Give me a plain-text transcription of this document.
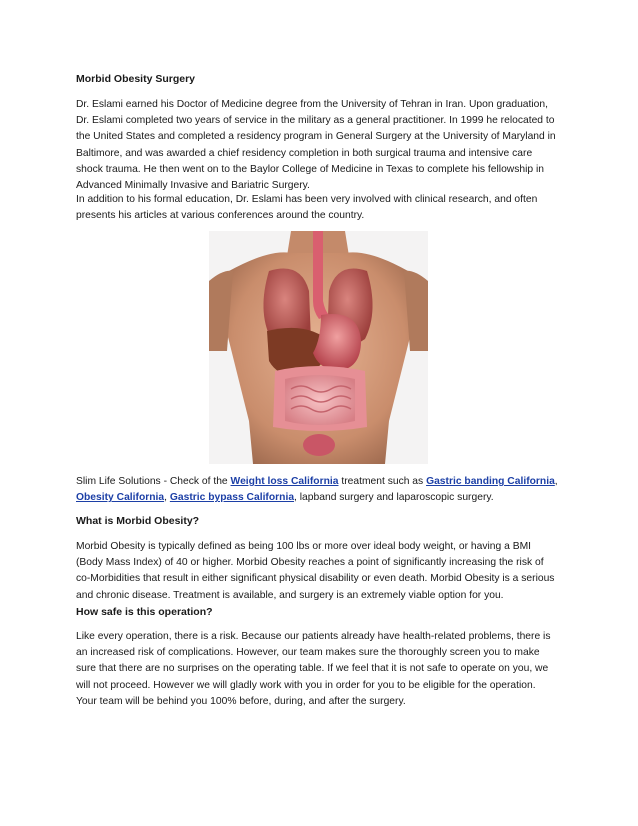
Morbid Obesity Surgery
Dr. Eslami earned his Doctor of Medicine degree from the University of Tehran in Iran. Upon graduation,
Dr. Eslami completed two years of service in the military as a general practitioner. In 1999 he relocated to
the United States and completed a residency program in General Surgery at the University of Maryland in
Baltimore, and was awarded a chief residency completion in both surgical trauma and intensive care
shock trauma. He then went on to the Baylor College of Medicine in Texas to complete his fellowship in
Advanced Minimally Invasive and Bariatric Surgery.
In addition to his formal education, Dr. Eslami has been very involved with clinical research, and often
presents his articles at various conferences around the country.
Slim Life Solutions - Check of the Weight loss California treatment such as Gastric banding California,
Obesity California, Gastric bypass California, lapband surgery and laparoscopic surgery.
What is Morbid Obesity?
Morbid Obesity is typically defined as being 100 lbs or more over ideal body weight, or having a BMI
(Body Mass Index) of 40 or higher. Morbid Obesity reaches a point of significantly increasing the risk of
co-Morbidities that result in either significant physical disability or even death. Morbid Obesity is a serious
and chronic disease. Treatment is available, and surgery is an extremely viable option for you.
How safe is this operation?
Like every operation, there is a risk. Because our patients already have health-related problems, there is
an increased risk of complications. However, our team makes sure the thoroughly screen you to make
sure that there are no surprises on the operating table. If we feel that it is not safe to operate on you, we
will not proceed. However we will gladly work with you in order for you to be eligible for the operation.
Your team will be behind you 100% before, during, and after the surgery.
